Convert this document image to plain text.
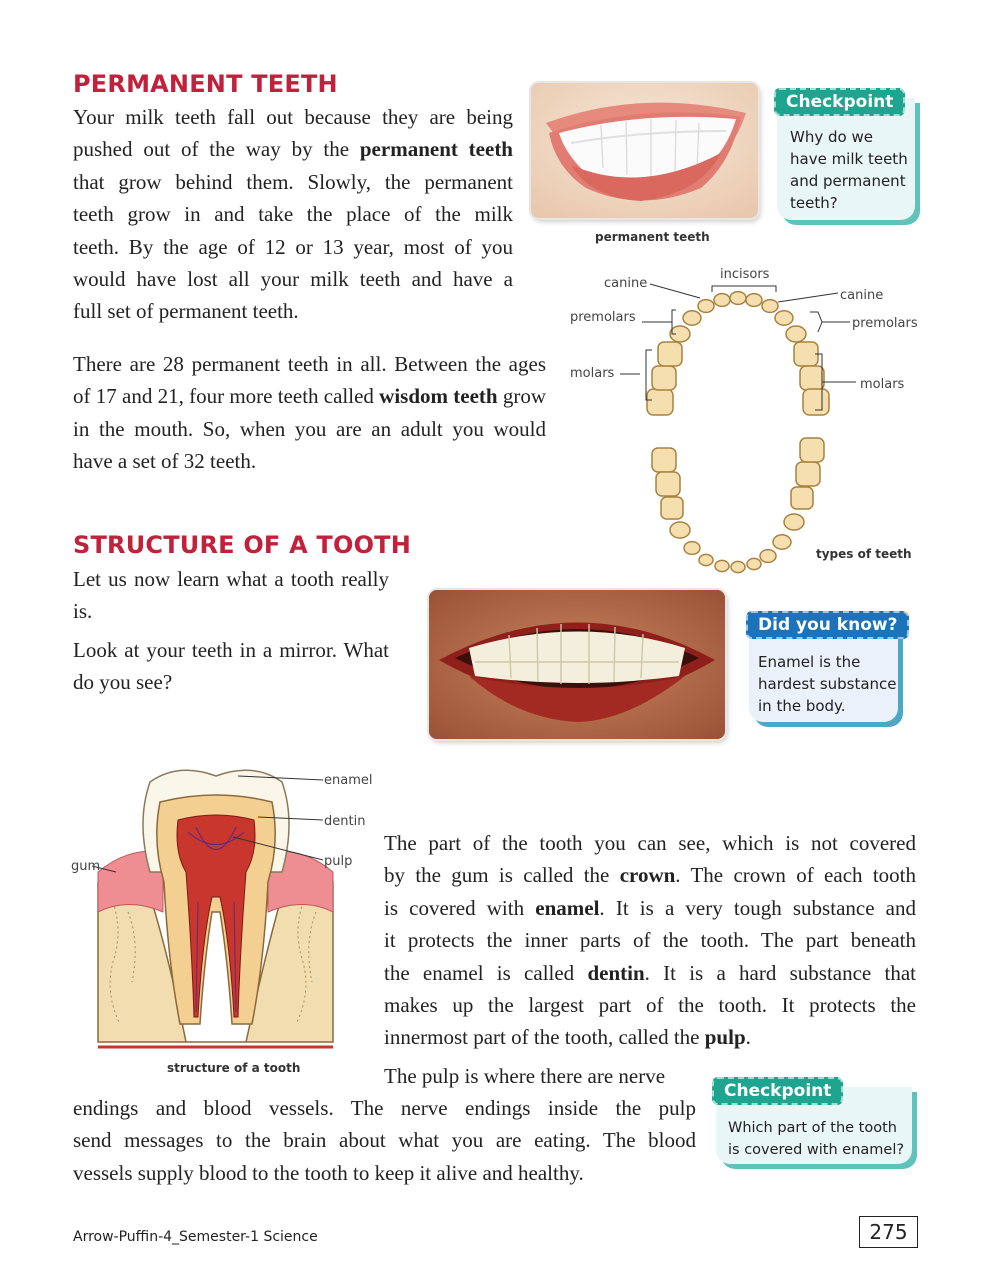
PERMANENT TEETH
Your milk teeth fall out because they are being
pushed out of the way by the permanent teeth
that grow behind them. Slowly, the permanent
teeth grow in and take the place of the milk
teeth. By the age of 12 or 13 year, most of you
would have lost all your milk teeth and have a
full set of permanent teeth.
There are 28 permanent teeth in all. Between the ages of 17 and 21, four more teeth called wisdom teeth grow in the mouth. So, when you are an adult you would have a set of 32 teeth.
permanent teeth
Checkpoint
Why do we have milk teeth and permanent teeth?
incisors
canine
canine
premolars	premolars
molars
molars
types of teeth
STRUCTURE OF A TOOTH
Let us now learn what a tooth really is.
Look at your teeth in a mirror. What do you see?
Did you know?
Enamel is the hardest substance in the body.
enamel
dentin
pulp
gum
structure of a tooth
The part of the tooth you can see, which is not covered
by the gum is called the crown. The crown of each tooth
is covered with enamel. It is a very tough substance and
it protects the inner parts of the tooth. The part beneath
the enamel is called dentin. It is a hard substance that
makes up the largest part of the tooth. It protects the
innermost part of the tooth, called the pulp.
The pulp is where there are nerve
endings and blood vessels. The nerve endings inside the pulp
send messages to the brain about what you are eating. The blood
vessels supply blood to the tooth to keep it alive and healthy.
Checkpoint
Which part of the tooth is covered with enamel?
Arrow-Puffin-4_Semester-1 Science	275
